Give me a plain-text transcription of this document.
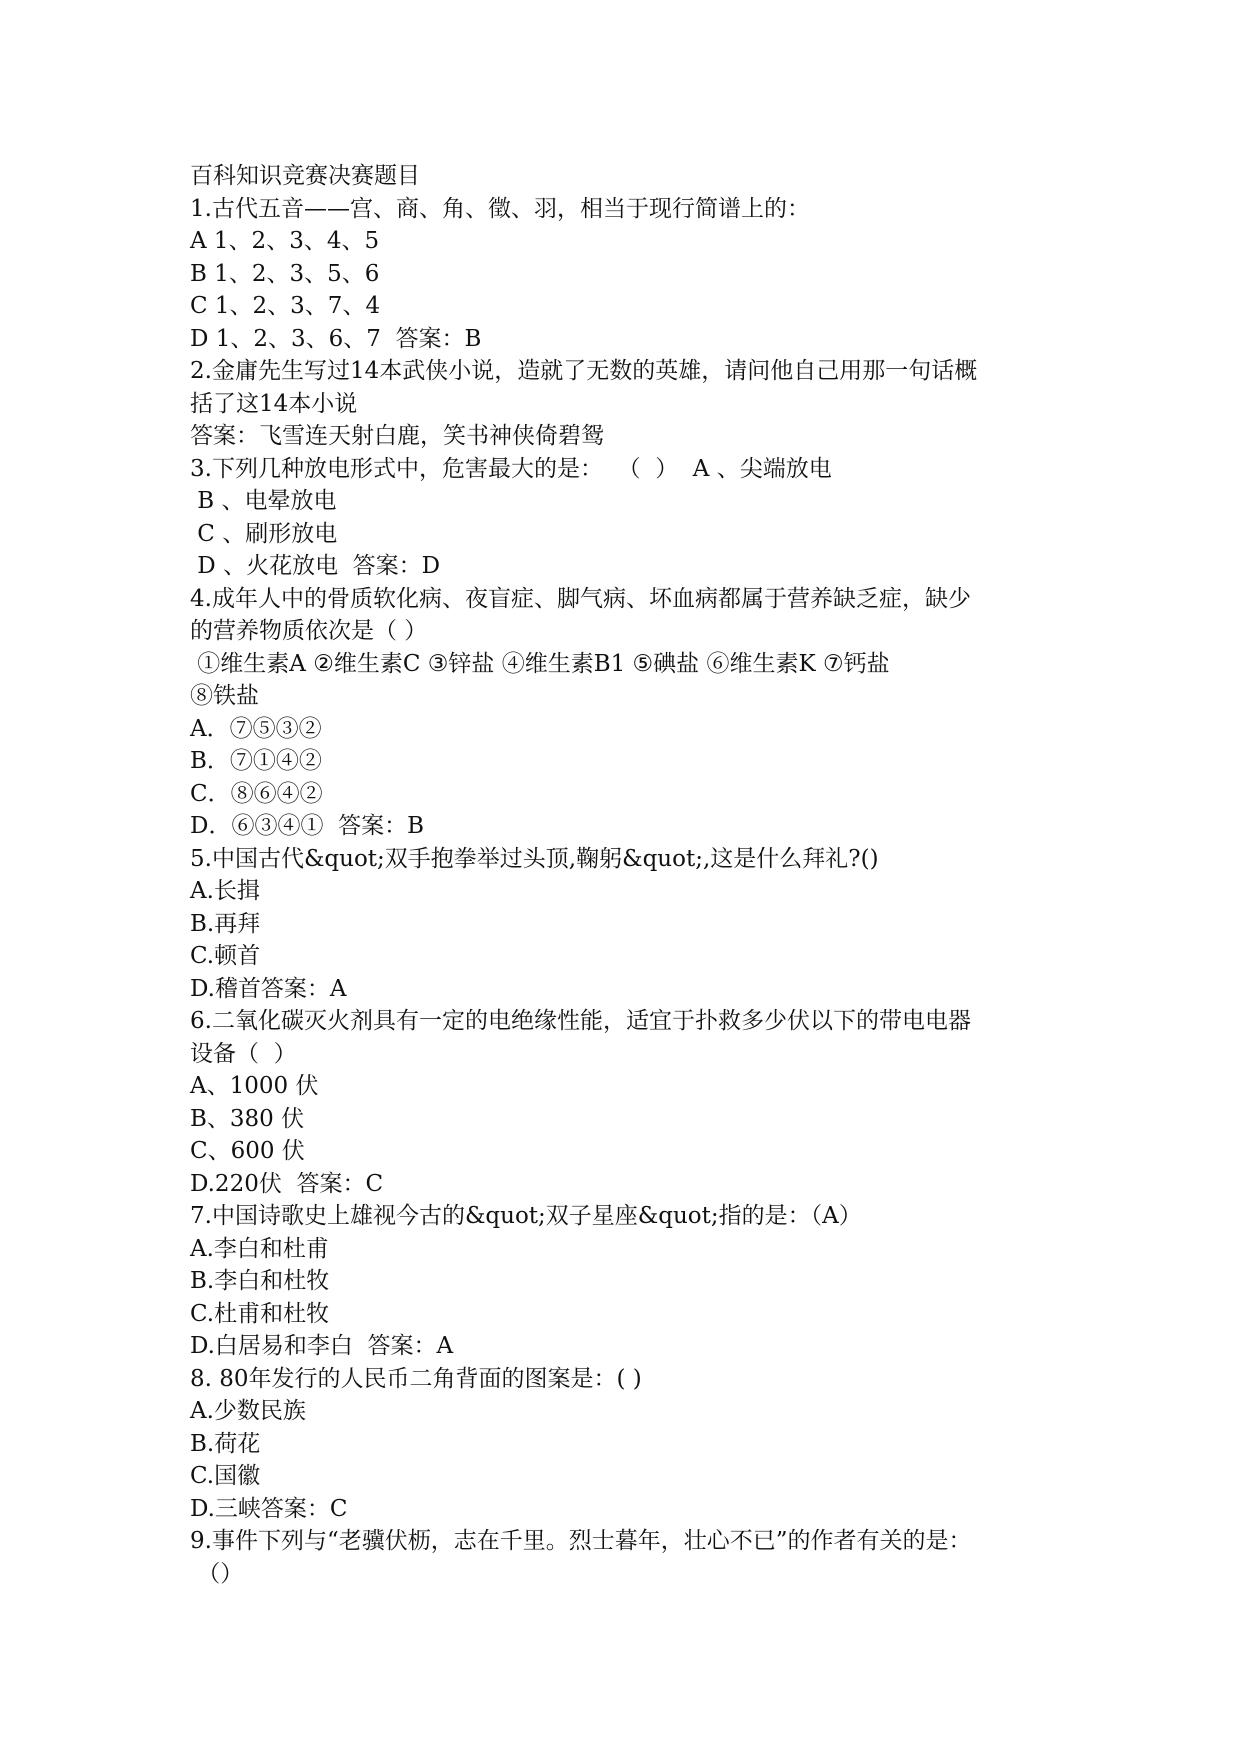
百科知识竞赛决赛题目
1.古代五音——宫、商、角、徵、羽，相当于现行简谱上的：
A 1、2、3、4、5
B 1、2、3、5、6
C 1、2、3、7、4
D 1、2、3、6、7  答案：B
2.金庸先生写过14本武侠小说，造就了无数的英雄，请问他自己用那一句话概
括了这14本小说
答案：飞雪连天射白鹿，笑书神侠倚碧鸳
3.下列几种放电形式中，危害最大的是：  （  ）  A 、尖端放电
B 、电晕放电
C 、刷形放电
D 、火花放电  答案：D
4.成年人中的骨质软化病、夜盲症、脚气病、坏血病都属于营养缺乏症，缺少
的营养物质依次是（ ）
①维生素A ②维生素C ③锌盐 ④维生素B1 ⑤碘盐 ⑥维生素K ⑦钙盐
⑧铁盐
A．⑦⑤③②
B．⑦①④②
C．⑧⑥④②
D．⑥③④①  答案：B
5.中国古代&quot;双手抱拳举过头顶,鞠躬&quot;,这是什么拜礼?()
A.长揖
B.再拜
C.顿首
D.稽首答案：A
6.二氧化碳灭火剂具有一定的电绝缘性能，适宜于扑救多少伏以下的带电电器
设备（  ）
A、1000 伏
B、380 伏
C、600 伏
D.220伏  答案：C
7.中国诗歌史上雄视今古的&quot;双子星座&quot;指的是：（A）
A.李白和杜甫
B.李白和杜牧
C.杜甫和杜牧
D.白居易和李白  答案：A
8. 80年发行的人民币二角背面的图案是：( )
A.少数民族
B.荷花
C.国徽
D.三峡答案：C
9.事件下列与“老骥伏枥，志在千里。烈士暮年，壮心不已”的作者有关的是：
（）
